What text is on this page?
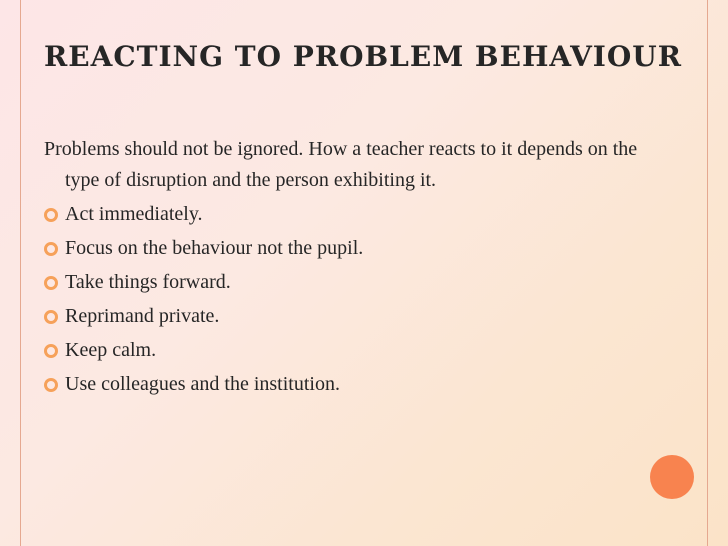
REACTING TO PROBLEM BEHAVIOUR

Problems should not be ignored. How a teacher reacts to it depends on the type of disruption and the person exhibiting it.

Act immediately.
Focus on the behaviour not the pupil.
Take things forward.
Reprimand private.
Keep calm.
Use colleagues and the institution.
